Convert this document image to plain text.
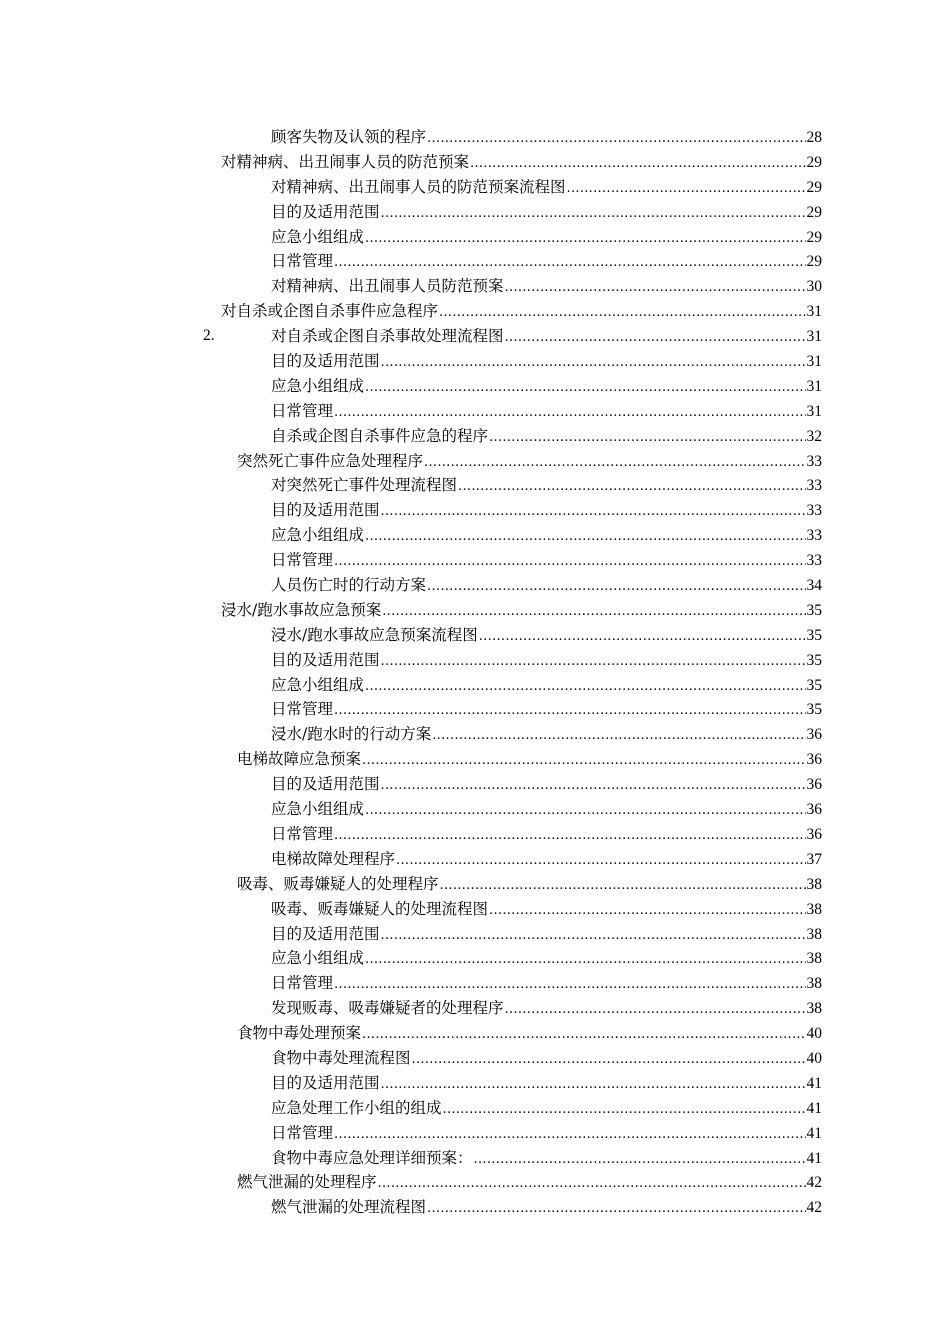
顾客失物及认领的程序 .....	28
对精神病、出丑闹事人员的防范预案 .....	29
对精神病、出丑闹事人员的防范预案流程图 .....	29
目的及适用范围 .....	29
应急小组组成 .....	29
日常管理 .....	29
对精神病、出丑闹事人员防范预案 .....	30
对自杀或企图自杀事件应急程序 .....	31
2.	对自杀或企图自杀事故处理流程图 .....	31
目的及适用范围 .....	31
应急小组组成 .....	31
日常管理 .....	31
自杀或企图自杀事件应急的程序 .....	32
突然死亡事件应急处理程序 .....	33
对突然死亡事件处理流程图 .....	33
目的及适用范围 .....	33
应急小组组成 .....	33
日常管理 .....	33
人员伤亡时的行动方案 .....	34
浸水/跑水事故应急预案 .....	35
浸水/跑水事故应急预案流程图 .....	35
目的及适用范围 .....	35
应急小组组成 .....	35
日常管理 .....	35
浸水/跑水时的行动方案 .....	36
电梯故障应急预案 .....	36
目的及适用范围 .....	36
应急小组组成 .....	36
日常管理 .....	36
电梯故障处理程序 .....	37
吸毒、贩毒嫌疑人的处理程序 .....	38
吸毒、贩毒嫌疑人的处理流程图 .....	38
目的及适用范围 .....	38
应急小组组成 .....	38
日常管理 .....	38
发现贩毒、吸毒嫌疑者的处理程序 .....	38
食物中毒处理预案 .....	40
食物中毒处理流程图 .....	40
目的及适用范围 .....	41
应急处理工作小组的组成 .....	41
日常管理 .....	41
食物中毒应急处理详细预案： .....	41
燃气泄漏的处理程序 .....	42
燃气泄漏的处理流程图 .....	42
